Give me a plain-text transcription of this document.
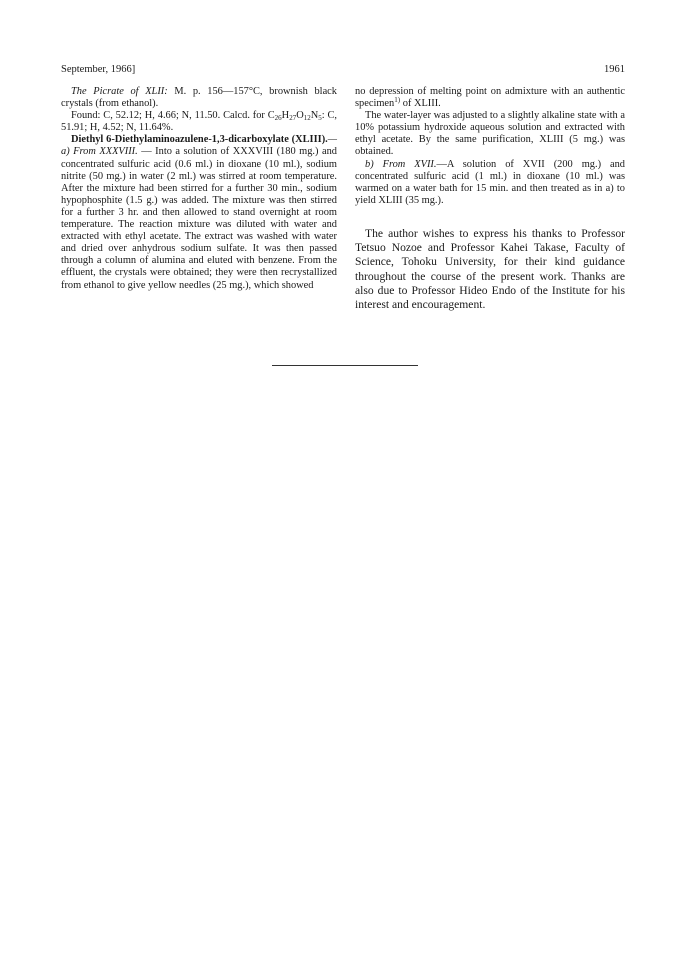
September, 1966]	1961

The Picrate of XLII: M. p. 156—157°C, brownish black crystals (from ethanol).

Found: C, 52.12; H, 4.66; N, 11.50. Calcd. for $C_{26}H_{27}O_{12}N_5$: C, 51.91; H, 4.52; N, 11.64%.

Diethyl 6-Diethylaminoazulene-1,3-dicarboxylate (XLIII).—a) From XXXVIII. — Into a solution of XXXVIII (180 mg.) and concentrated sulfuric acid (0.6 ml.) in dioxane (10 ml.), sodium nitrite (50 mg.) in water (2 ml.) was stirred at room temperature. After the mixture had been stirred for a further 30 min., sodium hypophosphite (1.5 g.) was added. The mixture was then stirred for a further 3 hr. and then allowed to stand overnight at room temperature. The reaction mixture was diluted with water and extracted with ethyl acetate. The extract was washed with water and dried over anhydrous sodium sulfate. It was then passed through a column of alumina and eluted with benzene. From the effluent, the crystals were obtained; they were then recrystallized from ethanol to give yellow needles (25 mg.), which showed

no depression of melting point on admixture with an authentic specimen$^{1)}$ of XLIII.

The water-layer was adjusted to a slightly alkaline state with a 10% potassium hydroxide aqueous solution and extracted with ethyl acetate. By the same purification, XLIII (5 mg.) was obtained.

b) From XVII.—A solution of XVII (200 mg.) and concentrated sulfuric acid (1 ml.) in dioxane (10 ml.) was warmed on a water bath for 15 min. and then treated as in a) to yield XLIII (35 mg.).

The author wishes to express his thanks to Professor Tetsuo Nozoe and Professor Kahei Takase, Faculty of Science, Tohoku University, for their kind guidance throughout the course of the present work. Thanks are also due to Professor Hideo Endo of the Institute for his interest and encouragement.
